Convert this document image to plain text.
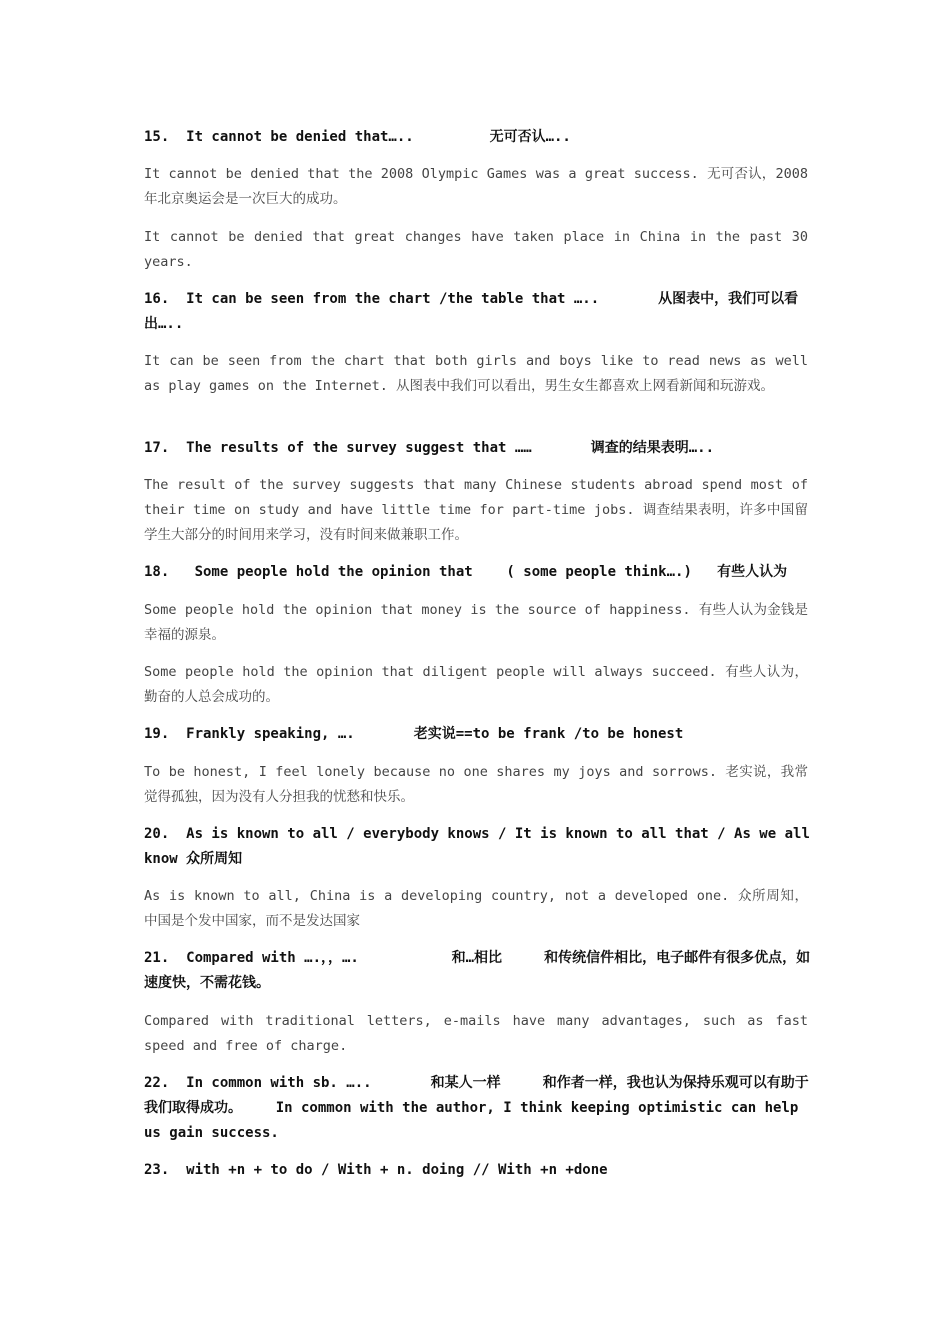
15.  It cannot be denied that…..         无可否认…..

It cannot be denied that the 2008 Olympic Games was a great success. 无可否认，2008年北京奥运会是一次巨大的成功。

It cannot be denied that great changes have taken place in China in the past 30 years.

16.  It can be seen from the chart /the table that …..       从图表中，我们可以看出…..

It can be seen from the chart that both girls and boys like to read news as well as play games on the Internet. 从图表中我们可以看出，男生女生都喜欢上网看新闻和玩游戏。

17.  The results of the survey suggest that ……       调查的结果表明…..

The result of the survey suggests that many Chinese students abroad spend most of their time on study and have little time for part-time jobs. 调查结果表明，许多中国留学生大部分的时间用来学习，没有时间来做兼职工作。

18.   Some people hold the opinion that    ( some people think….)   有些人认为

Some people hold the opinion that money is the source of happiness. 有些人认为金钱是幸福的源泉。

Some people hold the opinion that diligent people will always succeed. 有些人认为，勤奋的人总会成功的。

19.  Frankly speaking, ….       老实说==to be frank /to be honest

To be honest, I feel lonely because no one shares my joys and sorrows. 老实说，我常觉得孤独，因为没有人分担我的忧愁和快乐。

20.  As is known to all / everybody knows / It is known to all that / As we all know 众所周知

As is known to all, China is a developing country, not a developed one. 众所周知，中国是个发中国家，而不是发达国家

21.  Compared with ….，，….           和…相比     和传统信件相比，电子邮件有很多优点，如速度快，不需花钱。

Compared with traditional letters, e-mails have many advantages, such as fast speed and free of charge.

22.  In common with sb. …..       和某人一样     和作者一样，我也认为保持乐观可以有助于我们取得成功。    In common with the author, I think keeping optimistic can help us gain success.

23.  with +n + to do / With + n. doing // With +n +done
